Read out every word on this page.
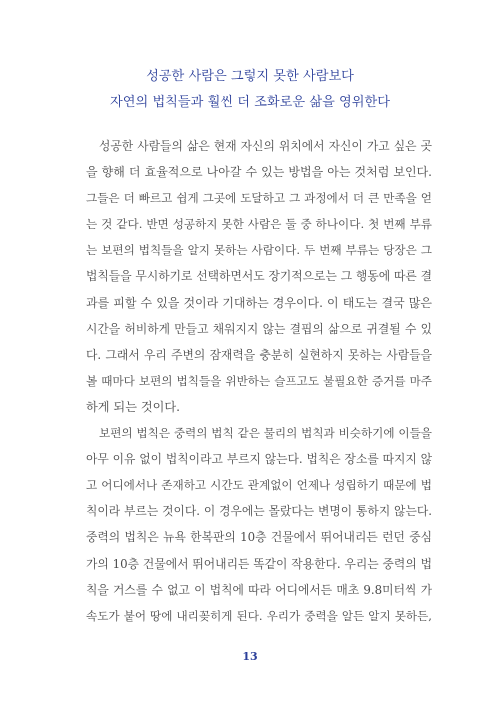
성공한 사람은 그렇지 못한 사람보다
자연의 법칙들과 훨씬 더 조화로운 삶을 영위한다
성공한 사람들의 삶은 현재 자신의 위치에서 자신이 가고 싶은 곳
을 향해 더 효율적으로 나아갈 수 있는 방법을 아는 것처럼 보인다.
그들은 더 빠르고 쉽게 그곳에 도달하고 그 과정에서 더 큰 만족을 얻
는 것 같다. 반면 성공하지 못한 사람은 둘 중 하나이다. 첫 번째 부류
는 보편의 법칙들을 알지 못하는 사람이다. 두 번째 부류는 당장은 그
법칙들을 무시하기로 선택하면서도 장기적으로는 그 행동에 따른 결
과를 피할 수 있을 것이라 기대하는 경우이다. 이 태도는 결국 많은
시간을 허비하게 만들고 채워지지 않는 결핍의 삶으로 귀결될 수 있
다. 그래서 우리 주변의 잠재력을 충분히 실현하지 못하는 사람들을
볼 때마다 보편의 법칙들을 위반하는 슬프고도 불필요한 증거를 마주
하게 되는 것이다.
보편의 법칙은 중력의 법칙 같은 물리의 법칙과 비슷하기에 이들을
아무 이유 없이 법칙이라고 부르지 않는다. 법칙은 장소를 따지지 않
고 어디에서나 존재하고 시간도 관계없이 언제나 성립하기 때문에 법
칙이라 부르는 것이다. 이 경우에는 몰랐다는 변명이 통하지 않는다.
중력의 법칙은 뉴욕 한복판의 10층 건물에서 뛰어내리든 런던 중심
가의 10층 건물에서 뛰어내리든 똑같이 작용한다. 우리는 중력의 법
칙을 거스를 수 없고 이 법칙에 따라 어디에서든 매초 9.8미터씩 가
속도가 붙어 땅에 내리꽂히게 된다. 우리가 중력을 알든 알지 못하든,
13
